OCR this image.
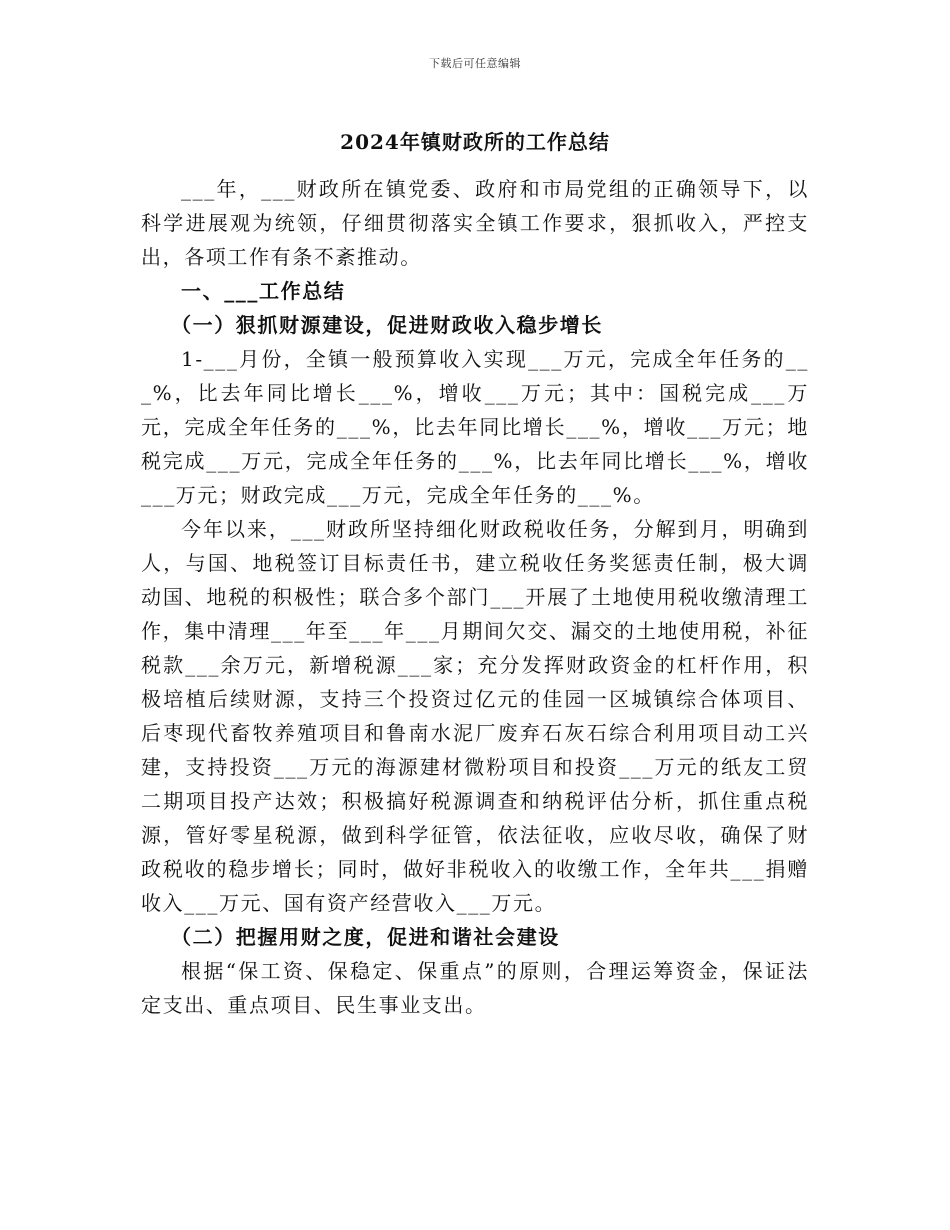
下载后可任意编辑
2024年镇财政所的工作总结

___年，___财政所在镇党委、政府和市局党组的正确领导下，以科学进展观为统领，仔细贯彻落实全镇工作要求，狠抓收入，严控支出，各项工作有条不紊推动。

一、___工作总结

（一）狠抓财源建设，促进财政收入稳步增长

1-___月份，全镇一般预算收入实现___万元，完成全年任务的___%，比去年同比增长___%，增收___万元；其中：国税完成___万元，完成全年任务的___%，比去年同比增长___%，增收___万元；地税完成___万元，完成全年任务的___%，比去年同比增长___%，增收___万元；财政完成___万元，完成全年任务的___%。

今年以来，___财政所坚持细化财政税收任务，分解到月，明确到人，与国、地税签订目标责任书，建立税收任务奖惩责任制，极大调动国、地税的积极性；联合多个部门___开展了土地使用税收缴清理工作，集中清理___年至___年___月期间欠交、漏交的土地使用税，补征税款___余万元，新增税源___家；充分发挥财政资金的杠杆作用，积极培植后续财源，支持三个投资过亿元的佳园一区城镇综合体项目、后枣现代畜牧养殖项目和鲁南水泥厂废弃石灰石综合利用项目动工兴建，支持投资___万元的海源建材微粉项目和投资___万元的纸友工贸二期项目投产达效；积极搞好税源调查和纳税评估分析，抓住重点税源，管好零星税源，做到科学征管，依法征收，应收尽收，确保了财政税收的稳步增长；同时，做好非税收入的收缴工作，全年共___捐赠收入___万元、国有资产经营收入___万元。

（二）把握用财之度，促进和谐社会建设

根据“保工资、保稳定、保重点”的原则，合理运筹资金，保证法定支出、重点项目、民生事业支出。
